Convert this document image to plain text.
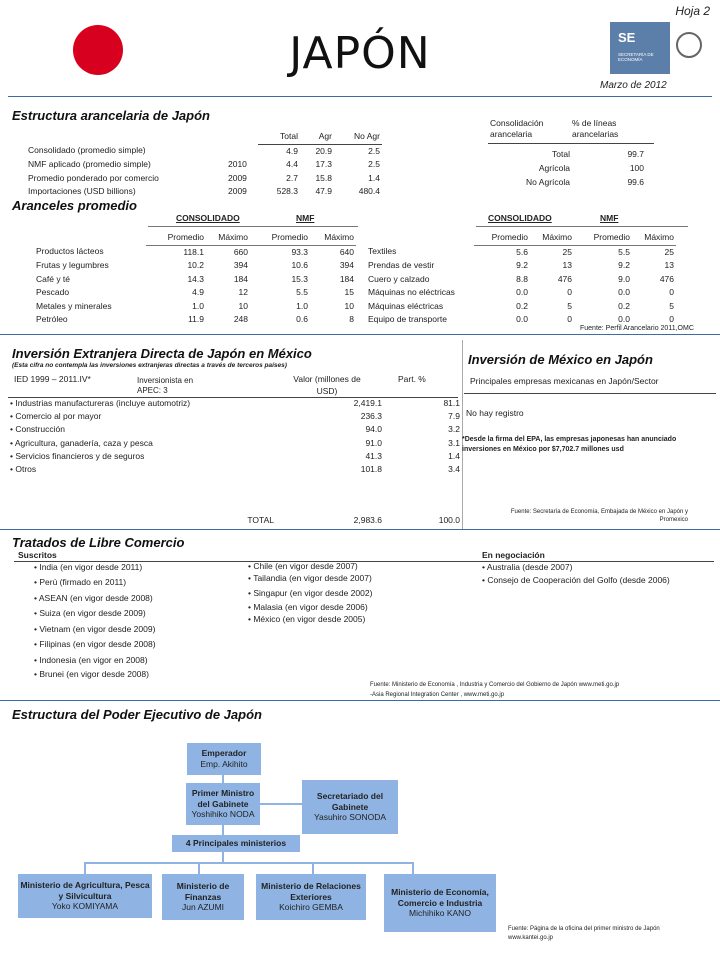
Hoja 2
JAPÓN	SE
SECRETARÍA DE ECONOMÍA
Marzo de 2012
Estructura arancelaria de Japón
		Total	Agr	No Agr
Consolidado (promedio simple)		4.9	20.9	2.5
NMF aplicado (promedio simple)	2010	4.4	17.3	2.5
Promedio ponderado por comercio	2009	2.7	15.8	1.4
Importaciones (USD billions)	2009	528.3	47.9	480.4
Consolidación arancelaria
% de líneas arancelarias
Total	99.7
Agrícola	100
No Agrícola	99.6
Aranceles promedio
CONSOLIDADO	NMF	CONSOLIDADO	NMF
	Promedio	Máximo	Promedio	Máximo
Productos lácteos	118.1	660	93.3	640
Frutas y legumbres	10.2	394	10.6	394
Café y té	14.3	184	15.3	184
Pescado	4.9	12	5.5	15
Metales y minerales	1.0	10	1.0	10
Petróleo	11.9	248	0.6	8
	Promedio	Máximo	Promedio	Máximo
Textiles	5.6	25	5.5	25
Prendas de vestir	9.2	13	9.2	13
Cuero y calzado	8.8	476	9.0	476
Máquinas no eléctricas	0.0	0	0.0	0
Máquinas eléctricas	0.2	5	0.2	5
Equipo de transporte	0.0	0	0.0	0
Fuente: Perfil Arancelario 2011,OMC
Inversión Extranjera Directa de Japón en México
(Esta cifra no contempla las inversiones extranjeras directas a través de terceros países)
IED 1999 – 2011.IV*	Inversionista en APEC: 3
Valor (millones de USD)
Part. %
• Industrias manufactureras (incluye automotriz)	2,419.1	81.1
• Comercio al por mayor	236.3	7.9
• Construcción	94.0	3.2
• Agricultura, ganadería, caza y pesca	91.0	3.1
• Servicios financieros y de seguros	41.3	1.4
• Otros	101.8	3.4
TOTAL	2,983.6	100.0
Inversión de México en Japón
Principales empresas mexicanas en Japón/Sector
No hay registro
*Desde la firma del EPA, las empresas japonesas han anunciado inversiones en México por $7,702.7 millones usd
Fuente: Secretaría de Economía, Embajada de México en Japón y Promexico
Tratados de Libre Comercio
Suscritos	En negociación
• India (en vigor desde 2011)
• Perú (firmado en 2011)
• ASEAN (en vigor desde 2008)
• Suiza (en vigor desde 2009)
• Vietnam (en vigor desde 2009)
• Filipinas (en vigor desde 2008)
• Indonesia (en vigor en 2008)
• Brunei (en vigor desde 2008)
• Chile (en vigor desde 2007)
• Tailandia (en vigor desde 2007)
• Singapur (en vigor desde 2002)
• Malasia (en vigor desde 2006)
• México (en vigor desde 2005)
• Australia (desde 2007)
• Consejo de Cooperación del Golfo (desde 2006)
Fuente: Ministerio de Economía , Industria y Comercio del Gobierno de Japón www.meti.go.jp
-Asia Regional Integration Center , www.meti.go.jp
Estructura del Poder Ejecutivo de Japón
Emperador
Emp. Akihito
Primer Ministro del Gabinete
Yoshihiko NODA
Secretariado del Gabinete
Yasuhiro SONODA
4 Principales ministerios
Ministerio de Agricultura, Pesca y Silvicultura
Yoko KOMIYAMA
Ministerio de Finanzas
Jun AZUMI
Ministerio de Relaciones Exteriores
Koichiro GEMBA
Ministerio de Economía, Comercio e Industria
Michihiko KANO
Fuente: Página de la oficina del primer ministro de Japón www.kantei.go.jp
